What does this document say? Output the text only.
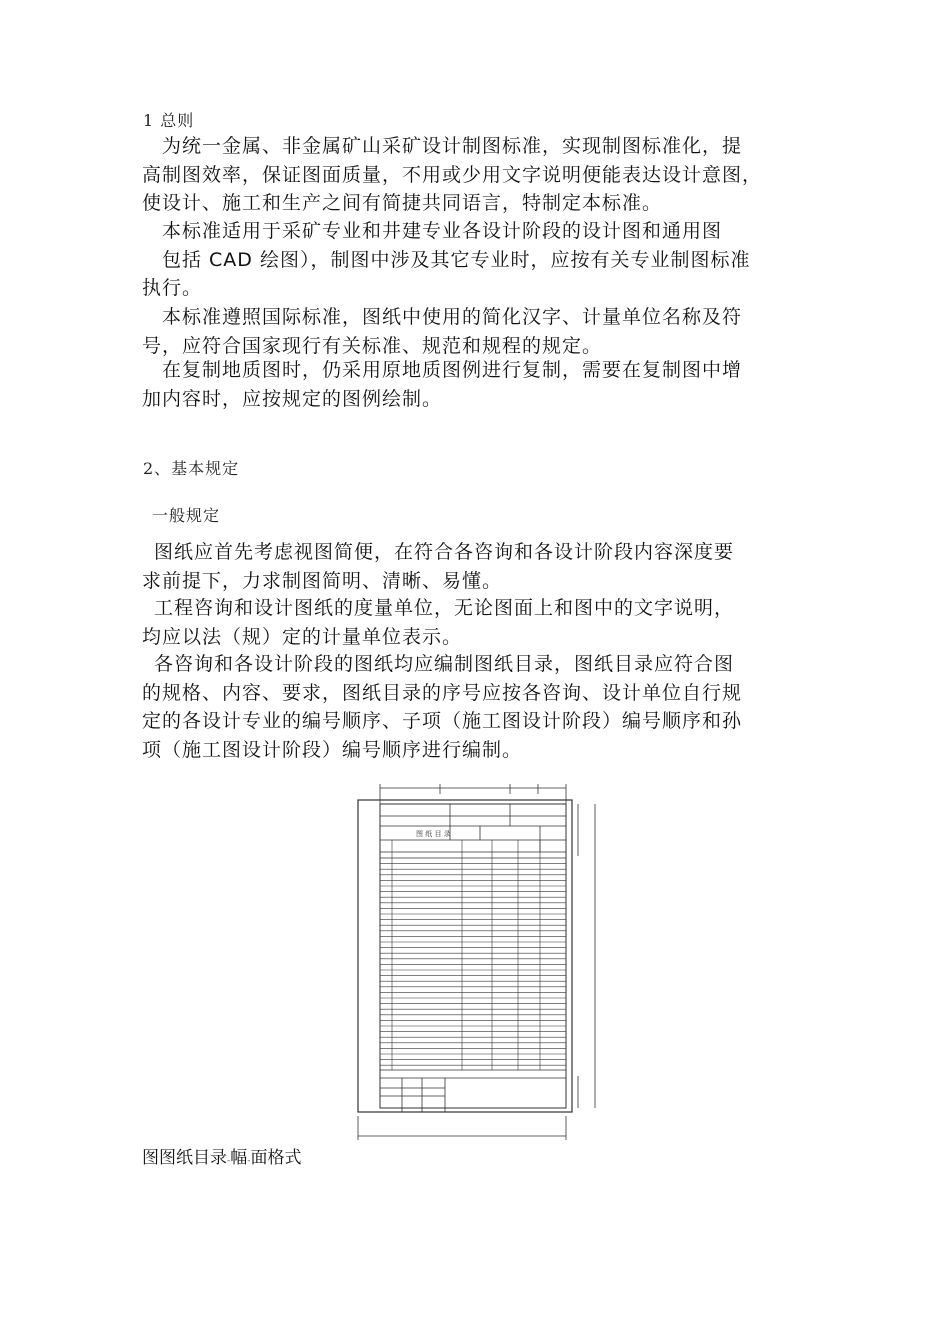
1 总则
为统一金属、非金属矿山采矿设计制图标准，实现制图标准化，提
高制图效率，保证图面质量，不用或少用文字说明便能表达设计意图，
使设计、施工和生产之间有简捷共同语言，特制定本标准。
本标准适用于采矿专业和井建专业各设计阶段的设计图和通用图
包括 CAD 绘图），制图中涉及其它专业时，应按有关专业制图标准
执行。
本标准遵照国际标准，图纸中使用的简化汉字、计量单位名称及符
号，应符合国家现行有关标准、规范和规程的规定。
在复制地质图时，仍采用原地质图例进行复制，需要在复制图中增
加内容时，应按规定的图例绘制。
2、基本规定
一般规定
图纸应首先考虑视图简便，在符合各咨询和各设计阶段内容深度要
求前提下，力求制图简明、清晰、易懂。
工程咨询和设计图纸的度量单位，无论图面上和图中的文字说明，
均应以法（规）定的计量单位表示。
各咨询和各设计阶段的图纸均应编制图纸目录，图纸目录应符合图
的规格、内容、要求，图纸目录的序号应按各咨询、设计单位自行规
定的各设计专业的编号顺序、子项（施工图设计阶段）编号顺序和孙
项（施工图设计阶段）编号顺序进行编制。
图 纸 目 录
图图纸目录-幅-面格式
